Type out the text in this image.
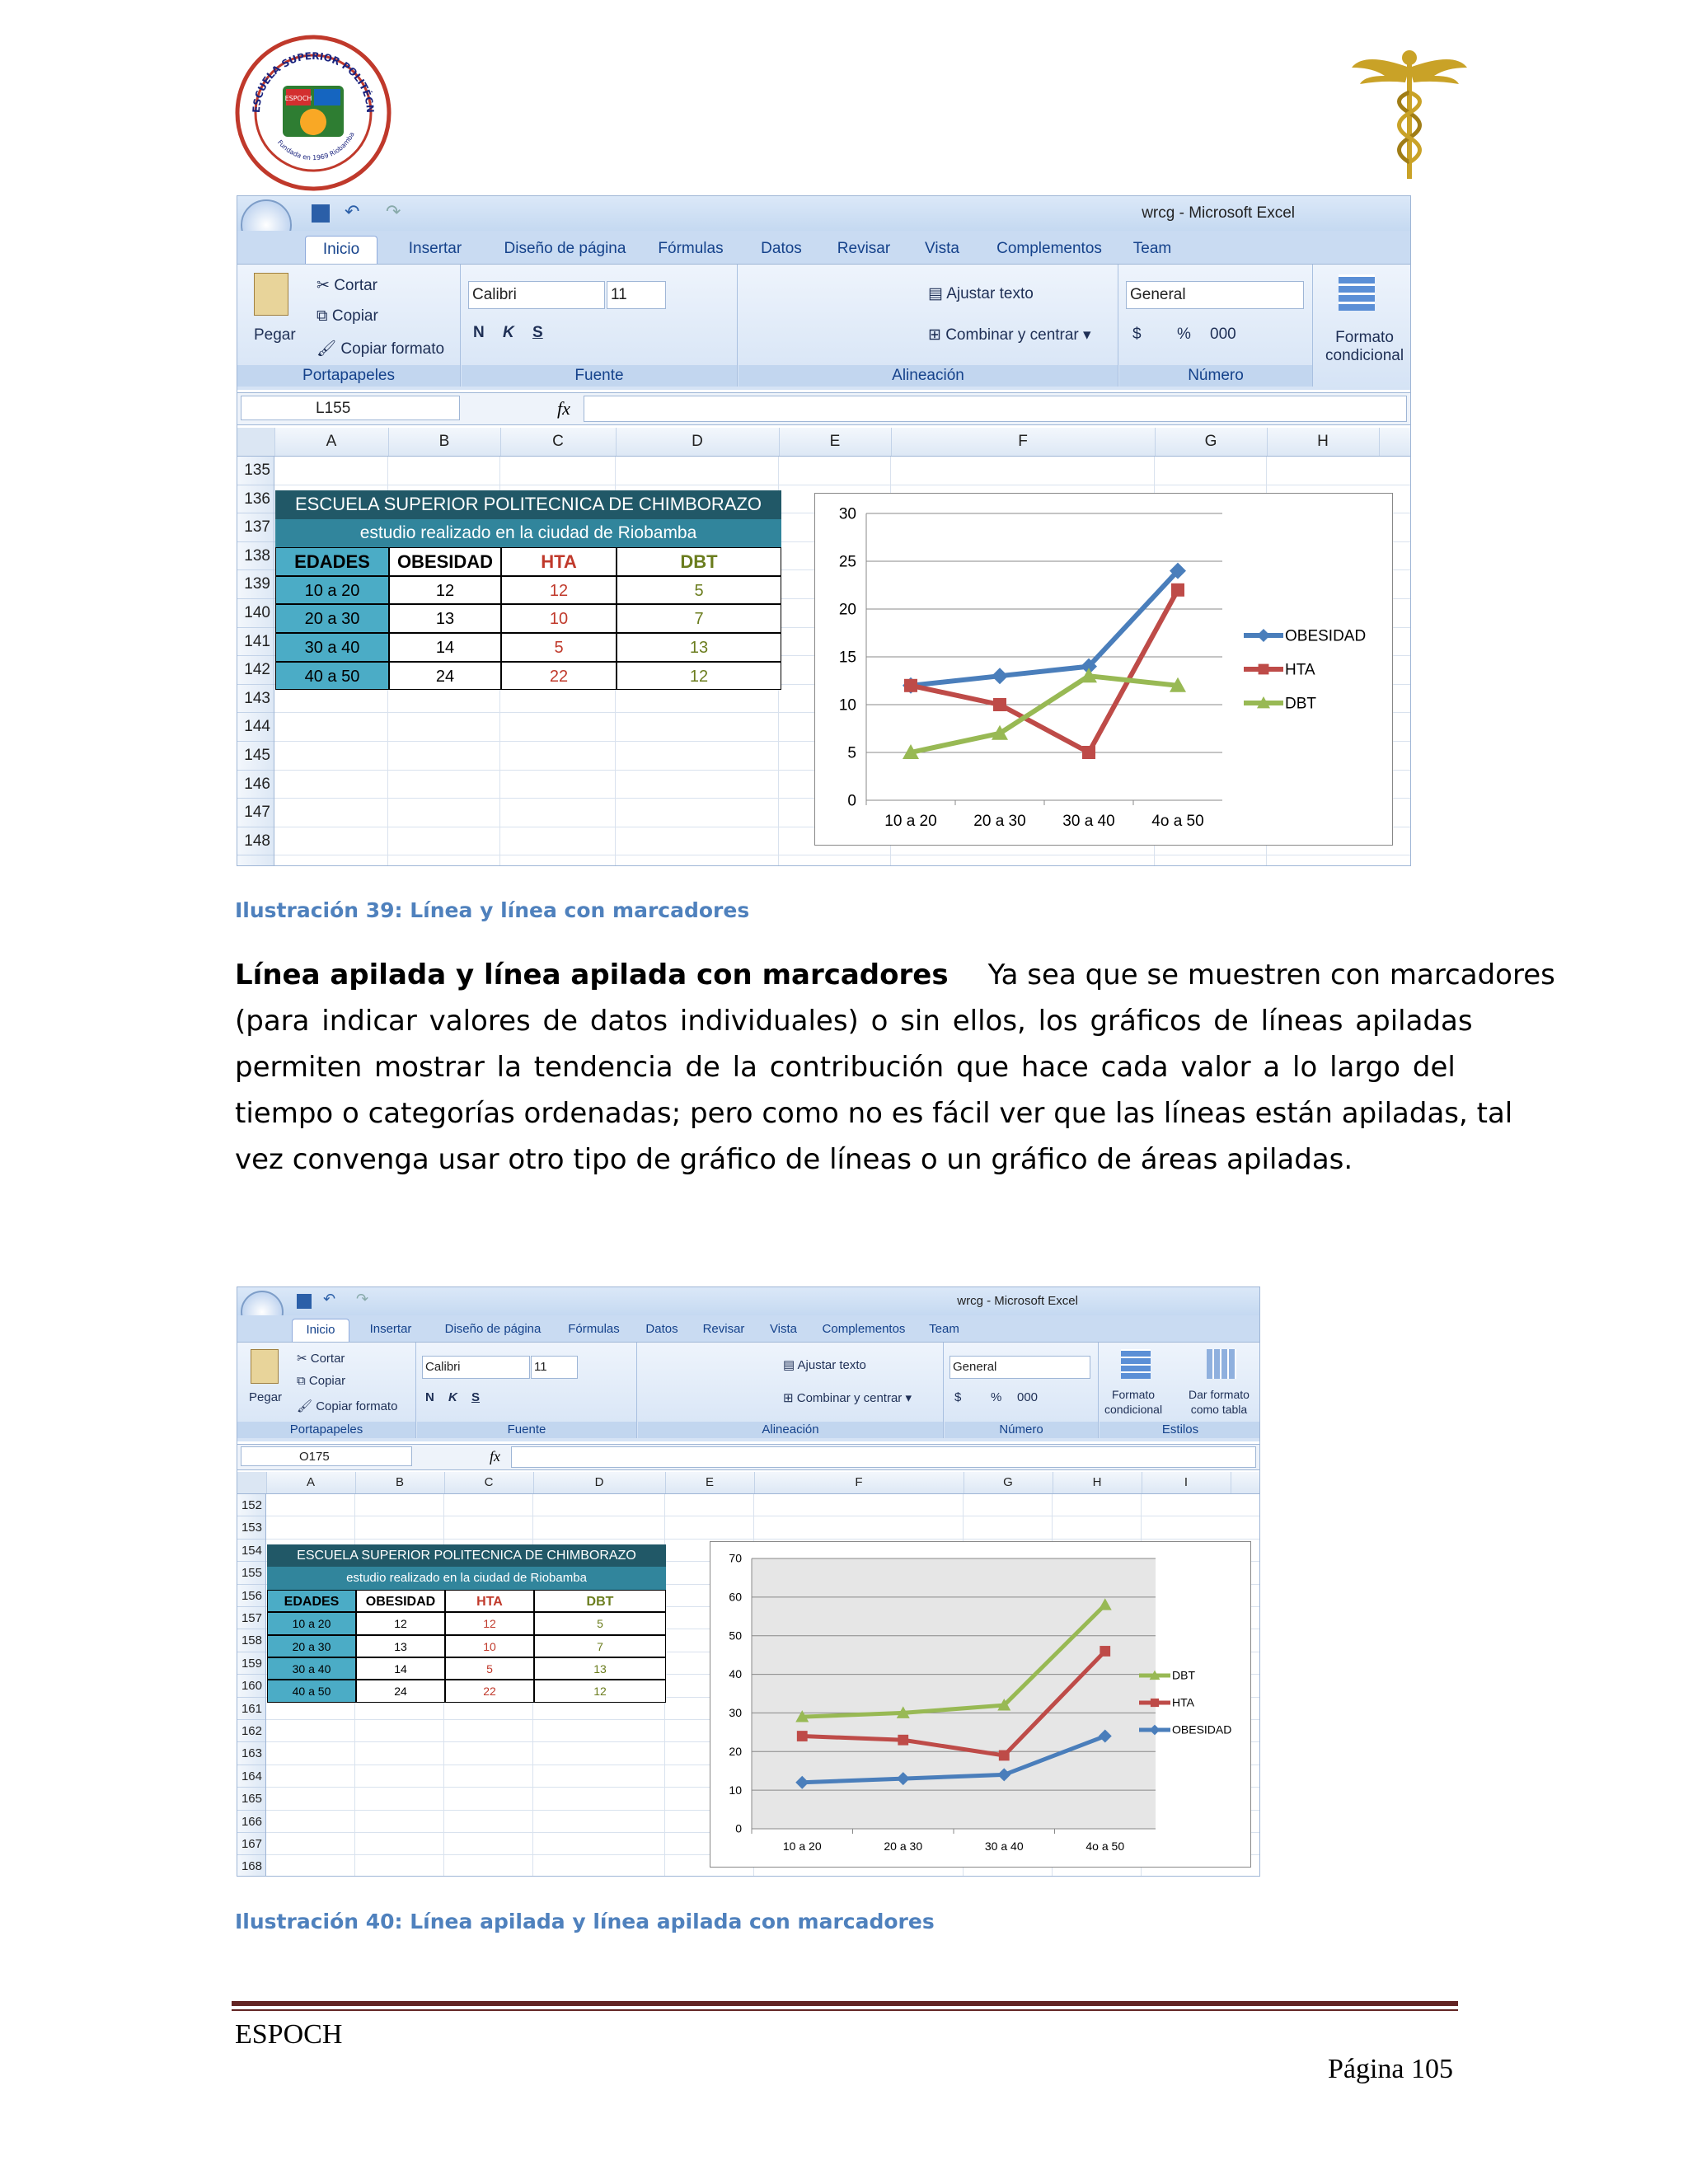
ESCUELA SUPERIOR POLITÉCN
ESPOCH
Fundada en 1969 Riobamba
↶ ↷	wrcg - Microsoft Excel
Inicio	Insertar	Diseño de página	Fórmulas	Datos	Revisar	Vista	Complementos	Team
Pegar
✂ Cortar
⧉ Copiar
🖌 Copiar formato
Portapapeles
Calibri	11
N K S
Fuente
▤ Ajustar texto
⊞ Combinar y centrar ▾
Alineación
General
$ % 000
Número
Formato
condicional
L155	fx
A	B	C	D	E	F	G	H
135
136
137
138
139
140
141
142
143
144
145
146
147
148
ESCUELA SUPERIOR POLITECNICA DE CHIMBORAZO
estudio realizado en la ciudad de Riobamba
EDADES	OBESIDAD	HTA	DBT
10 a 20	12	12	5
20 a 30	13	10	7
30 a 40	14	5	13
40 a 50	24	22	12
0
5
10
15
20
25
30
10 a 20 20 a 30 30 a 40 4o a 50
OBESIDAD
HTA
DBT
Ilustración 39: Línea y línea con marcadores
Línea apilada y línea apilada con marcadores Ya sea que se muestren con marcadores
(para indicar valores de datos individuales) o sin ellos, los gráficos de líneas apiladas
permiten mostrar la tendencia de la contribución que hace cada valor a lo largo del
tiempo o categorías ordenadas; pero como no es fácil ver que las líneas están apiladas, tal
vez convenga usar otro tipo de gráfico de líneas o un gráfico de áreas apiladas.
↶ ↷	wrcg - Microsoft Excel
Inicio	Insertar	Diseño de página	Fórmulas	Datos	Revisar	Vista	Complementos	Team
Pegar
✂ Cortar
⧉ Copiar
🖌 Copiar formato
Portapapeles
Calibri	11
N K S
Fuente
▤ Ajustar texto
⊞ Combinar y centrar ▾
Alineación
General
$ % 000
Número
Formato
condicional
Dar formato
como tabla
Estilos
O175	fx
A	B	C	D	E	F	G	H	I
152
153
154
155
156
157
158
159
160
161
162
163
164
165
166
167
168
ESCUELA SUPERIOR POLITECNICA DE CHIMBORAZO
estudio realizado en la ciudad de Riobamba
EDADES	OBESIDAD	HTA	DBT
10 a 20	12	12	5
20 a 30	13	10	7
30 a 40	14	5	13
40 a 50	24	22	12
0
10
20
30
40
50
60
70
10 a 20	20 a 30	30 a 40	4o a 50
DBT
HTA
OBESIDAD
Ilustración 40: Línea apilada y línea apilada con marcadores
ESPOCH
Página 105
